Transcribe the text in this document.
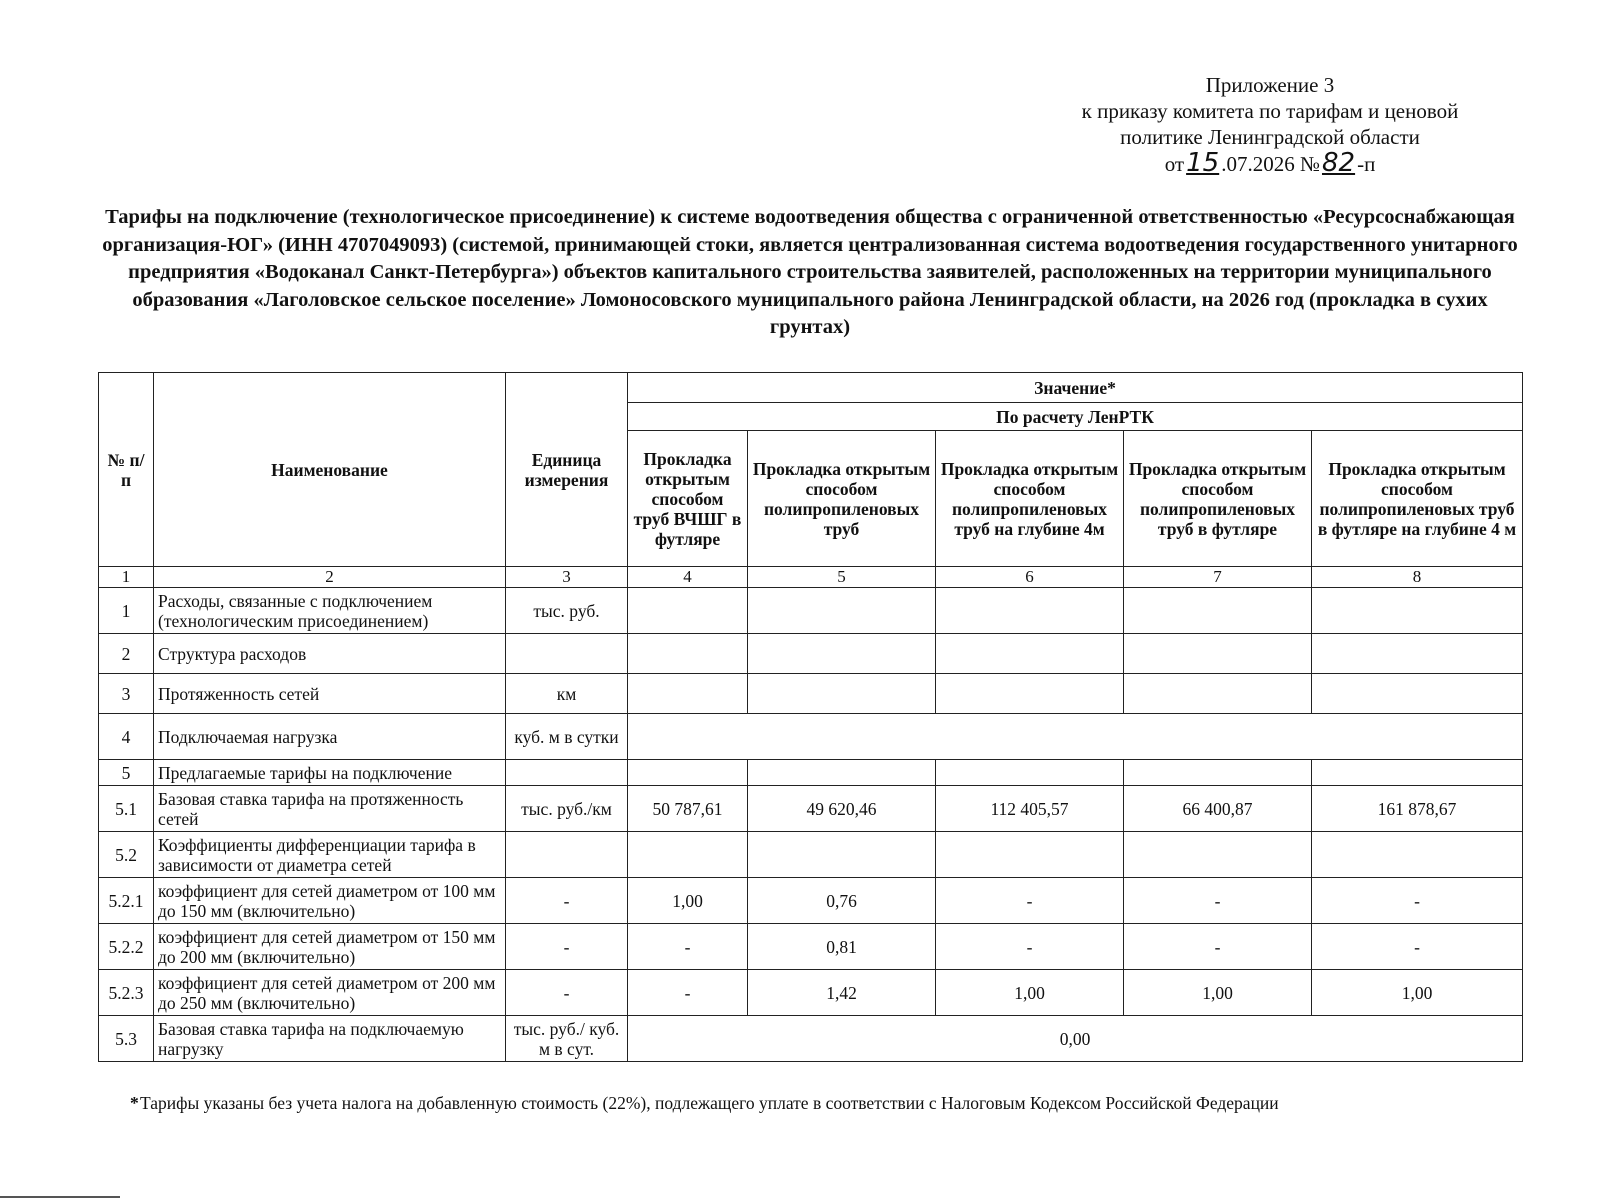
Приложение 3
к приказу комитета по тарифам и ценовой
политике Ленинградской области
от15.07.2026 №82-п
Тарифы на подключение (технологическое присоединение) к системе водоотведения общества с ограниченной ответственностью «Ресурсоснабжающая организация-ЮГ» (ИНН 4707049093) (системой, принимающей стоки, является централизованная система водоотведения государственного унитарного предприятия «Водоканал Санкт-Петербурга») объектов капитального строительства заявителей, расположенных на территории муниципального образования «Лаголовское сельское поселение» Ломоносовского муниципального района Ленинградской области, на 2026 год (прокладка в сухих грунтах)
№ п/п	Наименование	Единица измерения	Значение*				
			По расчету ЛенРТК				
			Прокладка открытым способом труб ВЧШГ в футляре	Прокладка открытым способом полипропиленовых труб	Прокладка открытым способом полипропиленовых труб на глубине 4м	Прокладка открытым способом полипропиленовых труб в футляре	Прокладка открытым способом полипропиленовых труб в футляре на глубине 4 м
1	2	3	4	5	6	7	8
1	Расходы, связанные с подключением (технологическим присоединением)	тыс. руб.					
2	Структура расходов						
3	Протяженность сетей	км					
4	Подключаемая нагрузка	куб. м в сутки					
5	Предлагаемые тарифы на подключение						
5.1	Базовая ставка тарифа на протяженность сетей	тыс. руб./км	50 787,61	49 620,46	112 405,57	66 400,87	161 878,67
5.2	Коэффициенты дифференциации тарифа в зависимости от диаметра сетей						
5.2.1	коэффициент для сетей диаметром от 100 мм до 150 мм (включительно)	-	1,00	0,76	-	-	-
5.2.2	коэффициент для сетей диаметром от 150 мм до 200 мм (включительно)	-	-	0,81	-	-	-
5.2.3	коэффициент для сетей диаметром от 200 мм до 250 мм (включительно)	-	-	1,42	1,00	1,00	1,00
5.3	Базовая ставка тарифа на подключаемую нагрузку	тыс. руб./ куб. м в сут.	0,00				
* Тарифы указаны без учета налога на добавленную стоимость (22%), подлежащего уплате в соответствии с Налоговым Кодексом Российской Федерации
